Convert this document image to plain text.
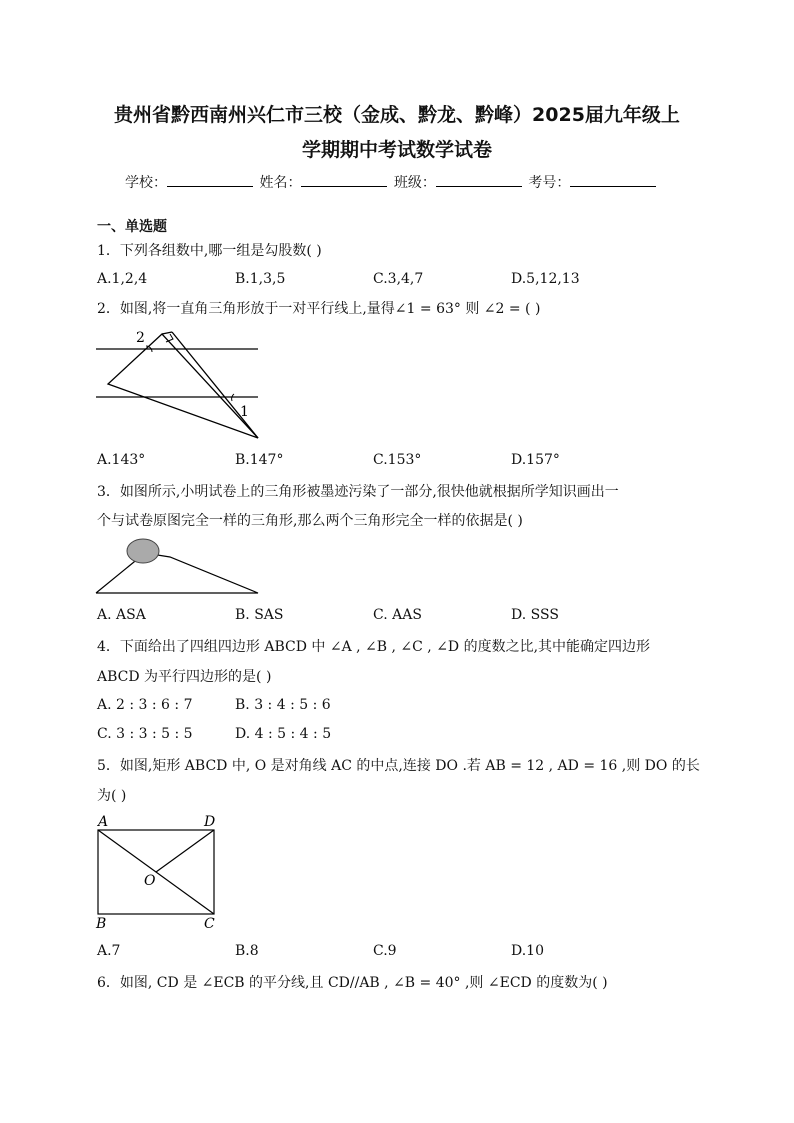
贵州省黔西南州兴仁市三校（金成、黔龙、黔峰）2025届九年级上
学期期中考试数学试卷
学校：	姓名：	班级：	考号：
一、单选题
1．下列各组数中,哪一组是勾股数( )
A.1,2,4	B.1,3,5	C.3,4,7	D.5,12,13
2．如图,将一直角三角形放于一对平行线上,量得∠1 = 63° 则 ∠2 = ( )
2
1
A.143°	B.147°	C.153°	D.157°
3．如图所示,小明试卷上的三角形被墨迹污染了一部分,很快他就根据所学知识画出一
个与试卷原图完全一样的三角形,那么两个三角形完全一样的依据是( )
A. ASA	B. SAS	C. AAS	D. SSS
4．下面给出了四组四边形 ABCD 中 ∠A , ∠B , ∠C , ∠D 的度数之比,其中能确定四边形
ABCD 为平行四边形的是( )
A. 2 : 3 : 6 : 7	B. 3 : 4 : 5 : 6
C. 3 : 3 : 5 : 5	D. 4 : 5 : 4 : 5
5．如图,矩形 ABCD 中, O 是对角线 AC 的中点,连接 DO .若 AB = 12 , AD = 16 ,则 DO 的长
为( )
A	D
O
B	C
A.7	B.8	C.9	D.10
6．如图, CD 是 ∠ECB 的平分线,且 CD//AB , ∠B = 40° ,则 ∠ECD 的度数为( )
